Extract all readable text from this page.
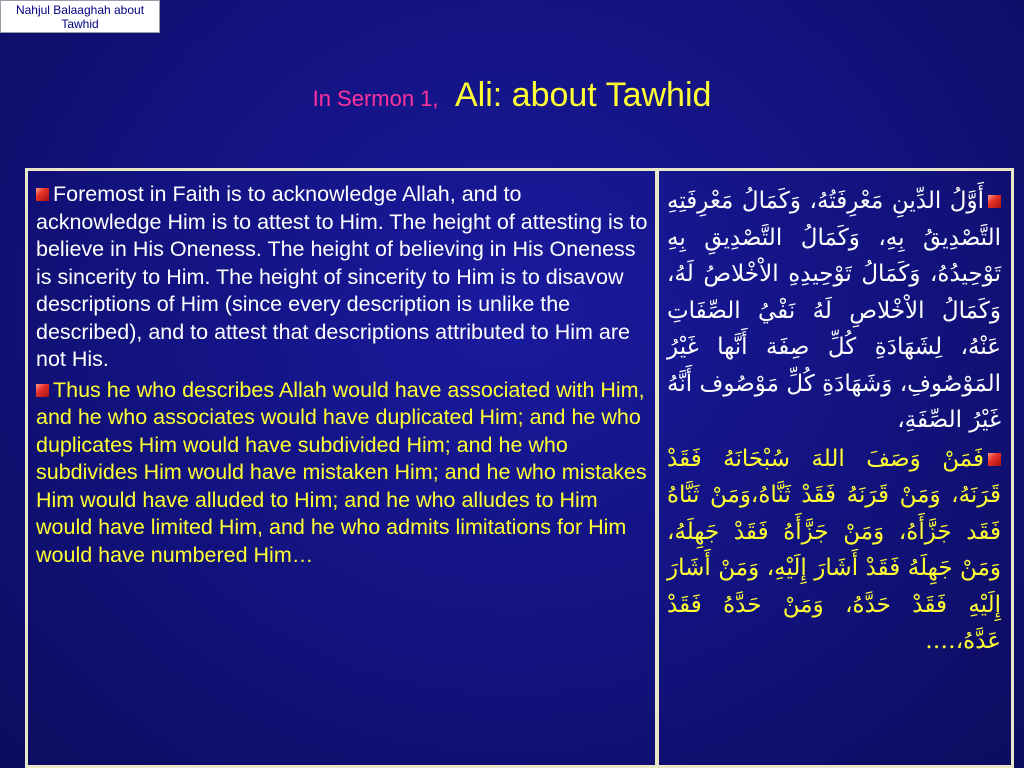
Nahjul Balaaghah about Tawhid
In Sermon 1, Ali: about Tawhid

Foremost in Faith is to acknowledge Allah, and to acknowledge Him is to attest to Him. The height of attesting is to believe in His Oneness. The height of believing in His Oneness is sincerity to Him. The height of sincerity to Him is to disavow descriptions of Him (since every description is unlike the described), and to attest that descriptions attributed to Him are not His.

Thus he who describes Allah would have associated with Him, and he who associates would have duplicated Him; and he who duplicates Him would have subdivided Him; and he who subdivides Him would have mistaken Him; and he who mistakes Him would have alluded to Him; and he who alludes to Him would have limited Him, and he who admits limitations for Him would have numbered Him…

أَوَّلُ الدِّينِ مَعْرِفَتُهُ، وَكَمَالُ مَعْرِفَتِهِ التَّصْدِيقُ بِهِ، وَكَمَالُ التَّصْدِيقِ بِهِ تَوْحِيدُهُ، وَكَمَالُ تَوْحِيدِهِ الاْخْلاصُ لَهُ، وَكَمَالُ الاْخْلاصِ لَهُ نَفْيُ الصِّفَاتِ عَنْهُ، لِشَهَادَةِ كُلِّ صِفَة أَنَّها غَيْرُ المَوْصُوفِ، وَشَهَادَةِ كُلِّ مَوْصُوف أَنَّهُ غَيْرُ الصِّفَةِ،

فَمَنْ وَصَفَ اللهَ سُبْحَانَهُ فَقَدْ قَرَنَهُ، وَمَنْ قَرَنَهُ فَقَدْ ثَنَّاهُ،وَمَنْ ثَنَّاهُ فَقَد جَزَّأَهُ، وَمَنْ جَزَّأَهُ فَقَدْ جَهِلَهُ، وَمَنْ جَهِلَهُ فَقَدْ أَشَارَ إِلَيْهِ، وَمَنْ أَشَارَ إِلَيْهِ فَقَدْ حَدَّهُ، وَمَنْ حَدَّهُ فَقَدْ عَدَّهُ،….
